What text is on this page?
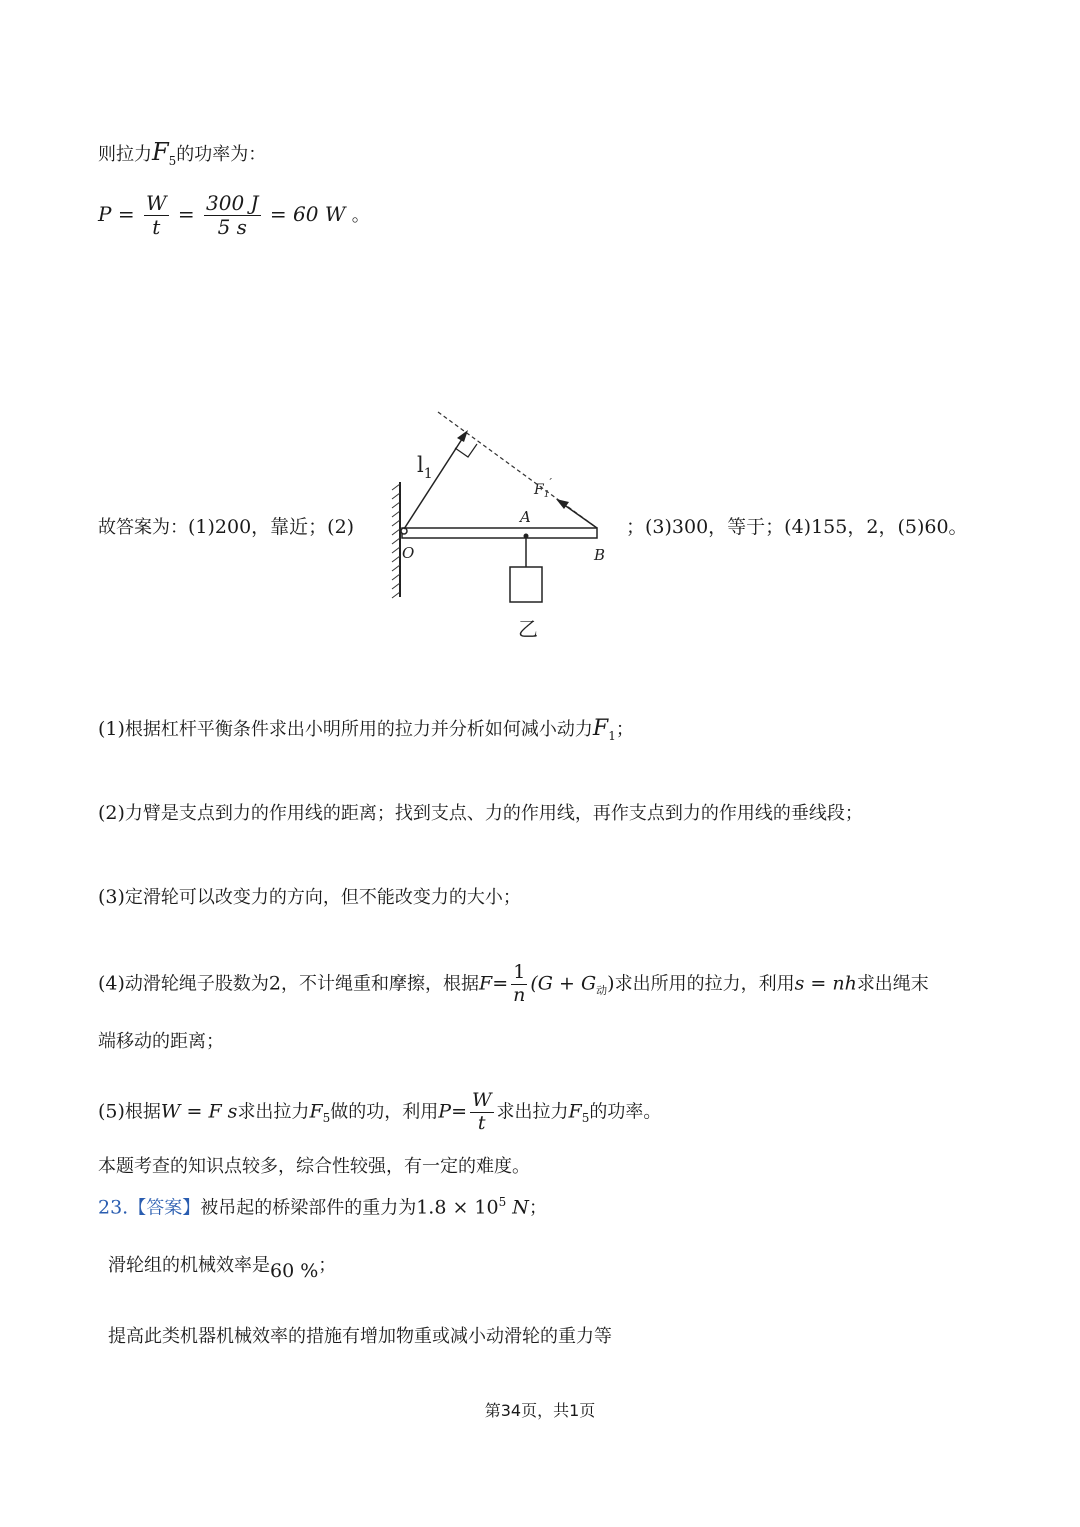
则拉力$F_5$的功率为：
$P = \frac{W}{t} = \frac{300 J}{5 s} = 60$ W 。
故答案为：(1)200，靠近；(2)	；(3)300，等于；(4)155，2，(5)60。
$l_1$
$F_1'$
O
A
B
乙
(1)根据杠杆平衡条件求出小明所用的拉力并分析如何减小动力$F_1$；
(2)力臂是支点到力的作用线的距离；找到支点、力的作用线，再作支点到力的作用线的垂线段；
(3)定滑轮可以改变力的方向，但不能改变力的大小；
(4)动滑轮绳子股数为2，不计绳重和摩擦，根据$F= \frac{1}{n} (G + G_动)$求出所用的拉力，利用s = nh求出绳末
端移动的距离；
(5)根据W = F s求出拉力$F_5$做的功，利用$P= \frac{W}{t}$ 求出拉力$F_5$的功率。
本题考查的知识点较多，综合性较强，有一定的难度。
23.【答案】被吊起的桥梁部件的重力为$1.8 \times 10^5$ N；
滑轮组的机械效率是60 %；
提高此类机器机械效率的措施有增加物重或减小动滑轮的重力等
第34页，共1页
